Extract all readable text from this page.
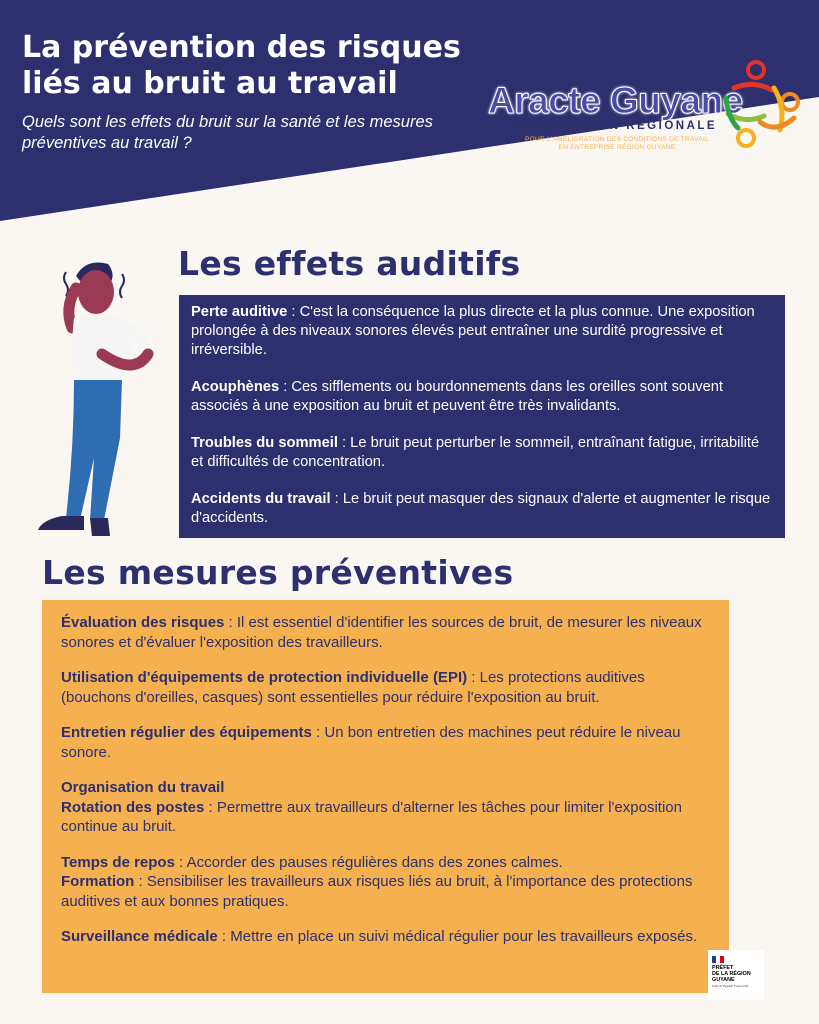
La prévention des risques liés au bruit au travail
Quels sont les effets du bruit sur la santé et les mesures préventives au travail ?
Aracte Guyane
ASSOCIATION RÉGIONALE
POUR L'AMÉLIORATION DES CONDITIONS DE TRAVAIL EN ENTREPRISE RÉGION GUYANE
Les effets auditifs

Perte auditive : C'est la conséquence la plus directe et la plus connue. Une exposition prolongée à des niveaux sonores élevés peut entraîner une surdité progressive et irréversible.

Acouphènes : Ces sifflements ou bourdonnements dans les oreilles sont souvent associés à une exposition au bruit et peuvent être très invalidants.

Troubles du sommeil : Le bruit peut perturber le sommeil, entraînant fatigue, irritabilité et difficultés de concentration.

Accidents du travail : Le bruit peut masquer des signaux d'alerte et augmenter le risque d'accidents.

Les mesures préventives

Évaluation des risques : Il est essentiel d'identifier les sources de bruit, de mesurer les niveaux sonores et d'évaluer l'exposition des travailleurs.

Utilisation d'équipements de protection individuelle (EPI) : Les protections auditives (bouchons d'oreilles, casques) sont essentielles pour réduire l'exposition au bruit.

Entretien régulier des équipements : Un bon entretien des machines peut réduire le niveau sonore.

Organisation du travail

Rotation des postes : Permettre aux travailleurs d'alterner les tâches pour limiter l'exposition continue au bruit.

Temps de repos : Accorder des pauses régulières dans des zones calmes.

Formation : Sensibiliser les travailleurs aux risques liés au bruit, à l'importance des protections auditives et aux bonnes pratiques.

Surveillance médicale : Mettre en place un suivi médical régulier pour les travailleurs exposés.

PRÉFET
DE LA RÉGION
GUYANE
Liberté Égalité Fraternité
